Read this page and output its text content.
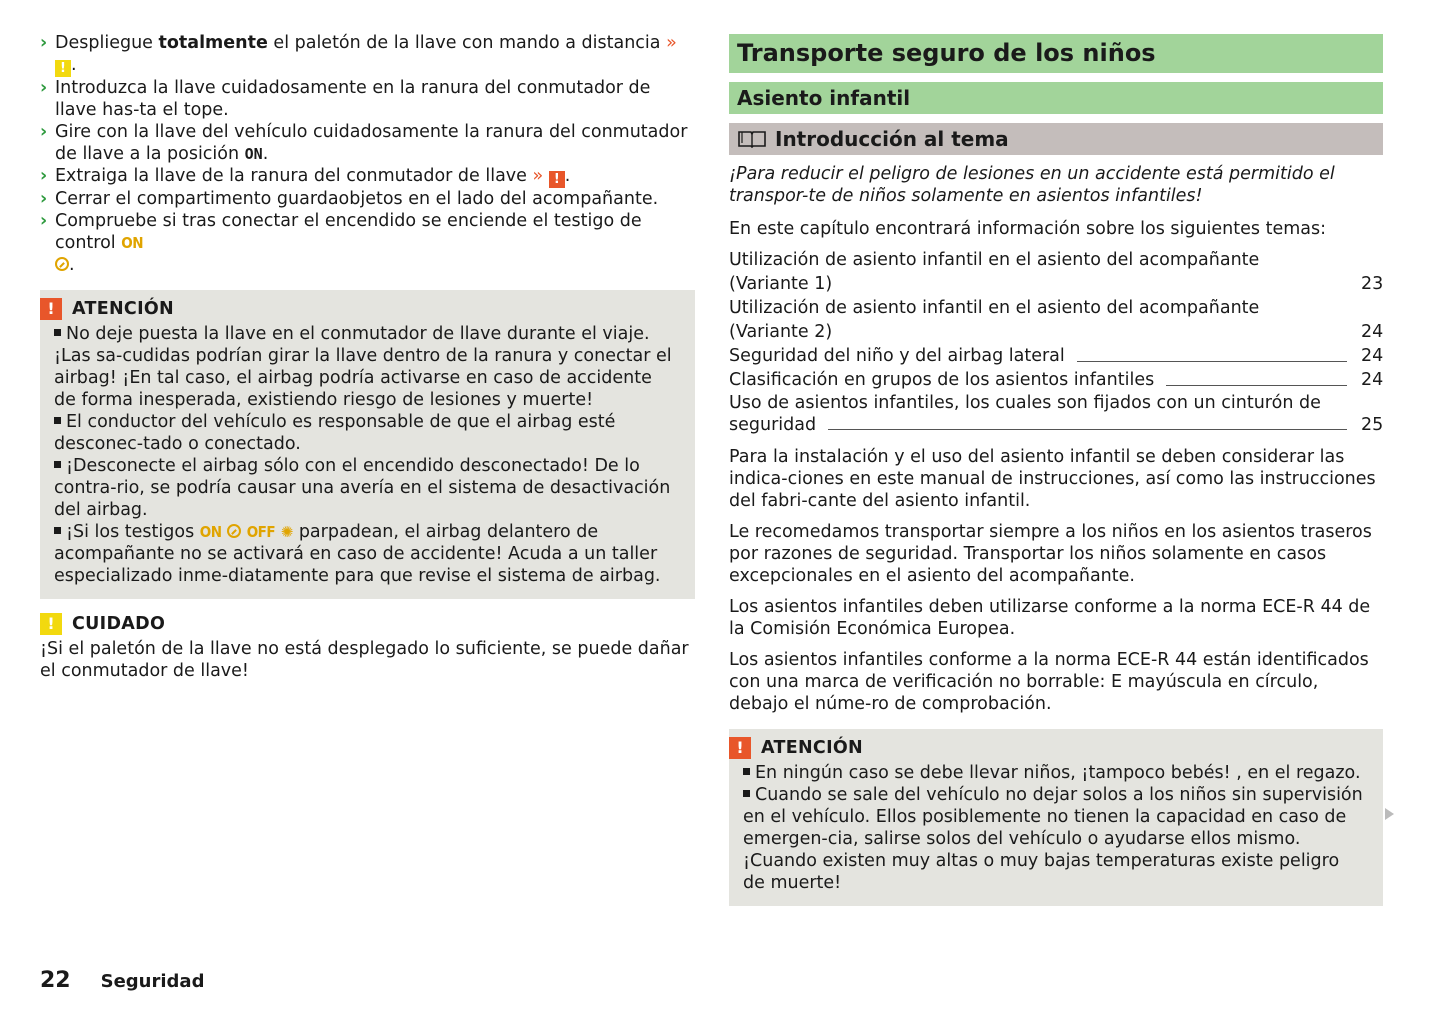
› Despliegue totalmente el paletón de la llave con mando a distancia » ! .
› Introduzca la llave cuidadosamente en la ranura del conmutador de llave has-ta el tope.
› Gire con la llave del vehículo cuidadosamente la ranura del conmutador de llave a la posición ON.
› Extraiga la llave de la ranura del conmutador de llave » ! .
› Cerrar el compartimento guardaobjetos en el lado del acompañante.
› Compruebe si tras conectar el encendido se enciende el testigo de control ON
.
! ATENCIÓN

No deje puesta la llave en el conmutador de llave durante el viaje. ¡Las sa-cudidas podrían girar la llave dentro de la ranura y conectar el airbag! ¡En tal caso, el airbag podría activarse en caso de accidente de forma inesperada, existiendo riesgo de lesiones y muerte!

El conductor del vehículo es responsable de que el airbag esté desconec-tado o conectado.

¡Desconecte el airbag sólo con el encendido desconectado! De lo contra-rio, se podría causar una avería en el sistema de desactivación del airbag.

¡Si los testigos ON OFF ✺ parpadean, el airbag delantero de acompañante no se activará en caso de accidente! Acuda a un taller especializado inme-diatamente para que revise el sistema de airbag.

! CUIDADO

¡Si el paletón de la llave no está desplegado lo suficiente, se puede dañar el conmutador de llave!

Transporte seguro de los niños
Asiento infantil
Introducción al tema

¡Para reducir el peligro de lesiones en un accidente está permitido el transpor-te de niños solamente en asientos infantiles!

En este capítulo encontrará información sobre los siguientes temas:

Utilización de asiento infantil en el asiento del acompañante (Variante 1)	23
Utilización de asiento infantil en el asiento del acompañante (Variante 2)	24
Seguridad del niño y del airbag lateral	24
Clasificación en grupos de los asientos infantiles	24
Uso de asientos infantiles, los cuales son fijados con un cinturón de
seguridad	25

Para la instalación y el uso del asiento infantil se deben considerar las indica-ciones en este manual de instrucciones, así como las instrucciones del fabri-cante del asiento infantil.

Le recomedamos transportar siempre a los niños en los asientos traseros por razones de seguridad. Transportar los niños solamente en casos excepcionales en el asiento del acompañante.

Los asientos infantiles deben utilizarse conforme a la norma ECE-R 44 de la Comisión Económica Europea.

Los asientos infantiles conforme a la norma ECE-R 44 están identificados con una marca de verificación no borrable: E mayúscula en círculo, debajo el núme-ro de comprobación.

! ATENCIÓN

En ningún caso se debe llevar niños, ¡tampoco bebés! , en el regazo.

Cuando se sale del vehículo no dejar solos a los niños sin supervisión en el vehículo. Ellos posiblemente no tienen la capacidad en caso de emergen-cia, salirse solos del vehículo o ayudarse ellos mismo. ¡Cuando existen muy altas o muy bajas temperaturas existe peligro de muerte!

22 Seguridad
